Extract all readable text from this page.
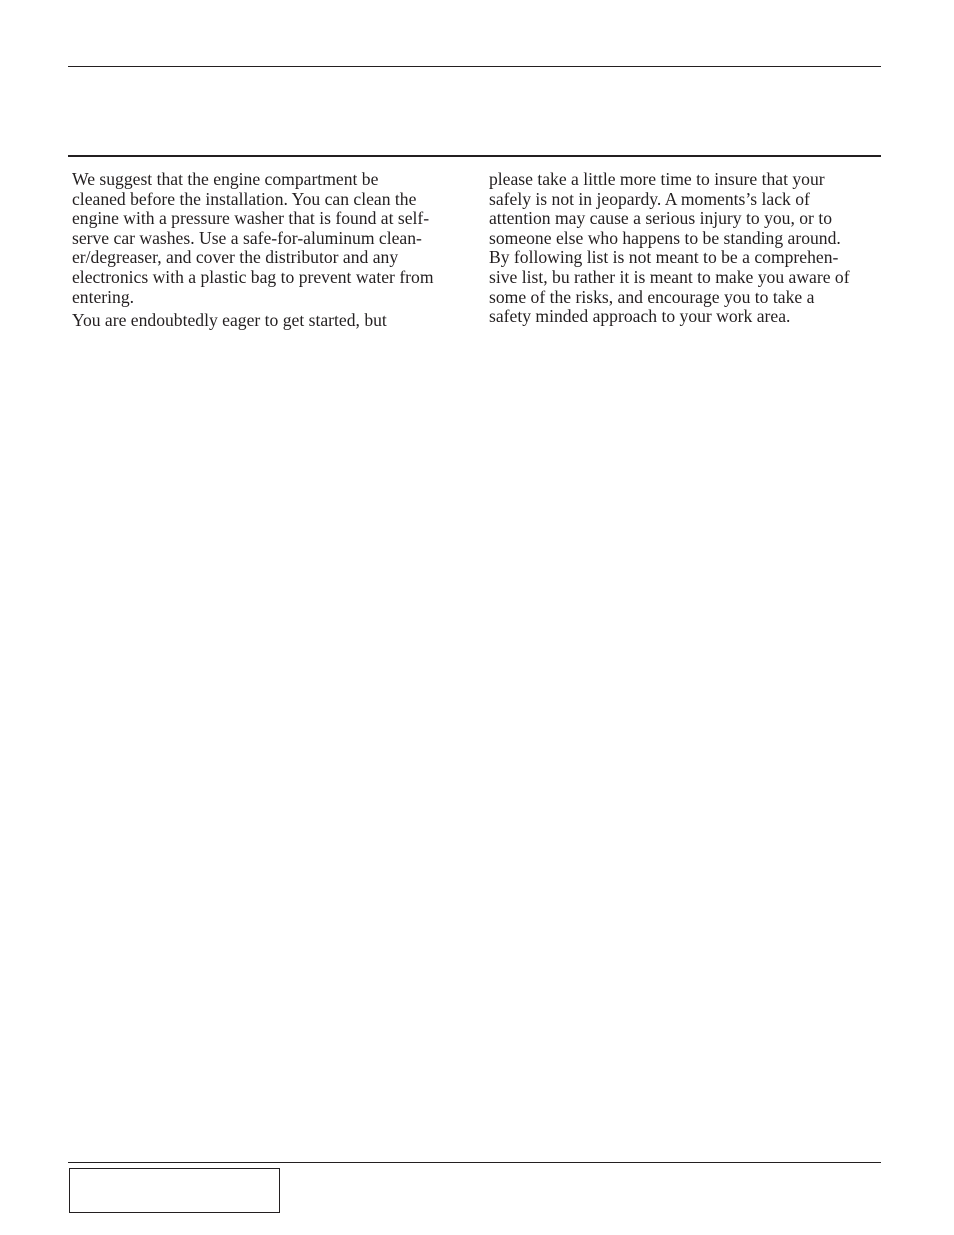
We suggest that the engine compartment be
cleaned before the installation. You can clean the
engine with a pressure washer that is found at self-
serve car washes. Use a safe-for-aluminum clean-
er/degreaser, and cover the distributor and any
electronics with a plastic bag to prevent water from
entering.
You are endoubtedly eager to get started, but
please take a little more time to insure that your
safely is not in jeopardy. A moments’s lack of
attention may cause a serious injury to you, or to
someone else who happens to be standing around.
By following list is not meant to be a comprehen-
sive list, bu rather it is meant to make you aware of
some of the risks, and encourage you to take a
safety minded approach to your work area.
